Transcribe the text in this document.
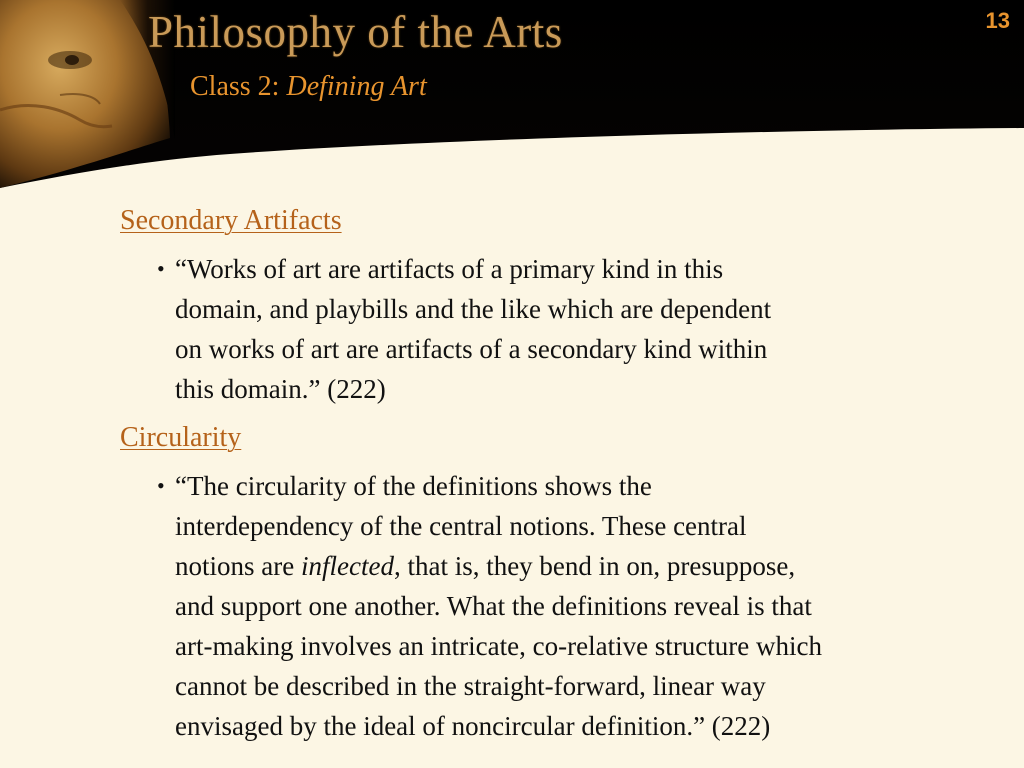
Philosophy of the Arts
Class 2: Defining Art
13
Secondary Artifacts
• “Works of art are artifacts of a primary kind in this
domain, and playbills and the like which are dependent
on works of art are artifacts of a secondary kind within
this domain.” (222)
Circularity
• “The circularity of the definitions shows the
interdependency of the central notions. These central
notions are inflected, that is, they bend in on, presuppose,
and support one another. What the definitions reveal is that
art-making involves an intricate, co-relative structure which
cannot be described in the straight-forward, linear way
envisaged by the ideal of noncircular definition.” (222)
